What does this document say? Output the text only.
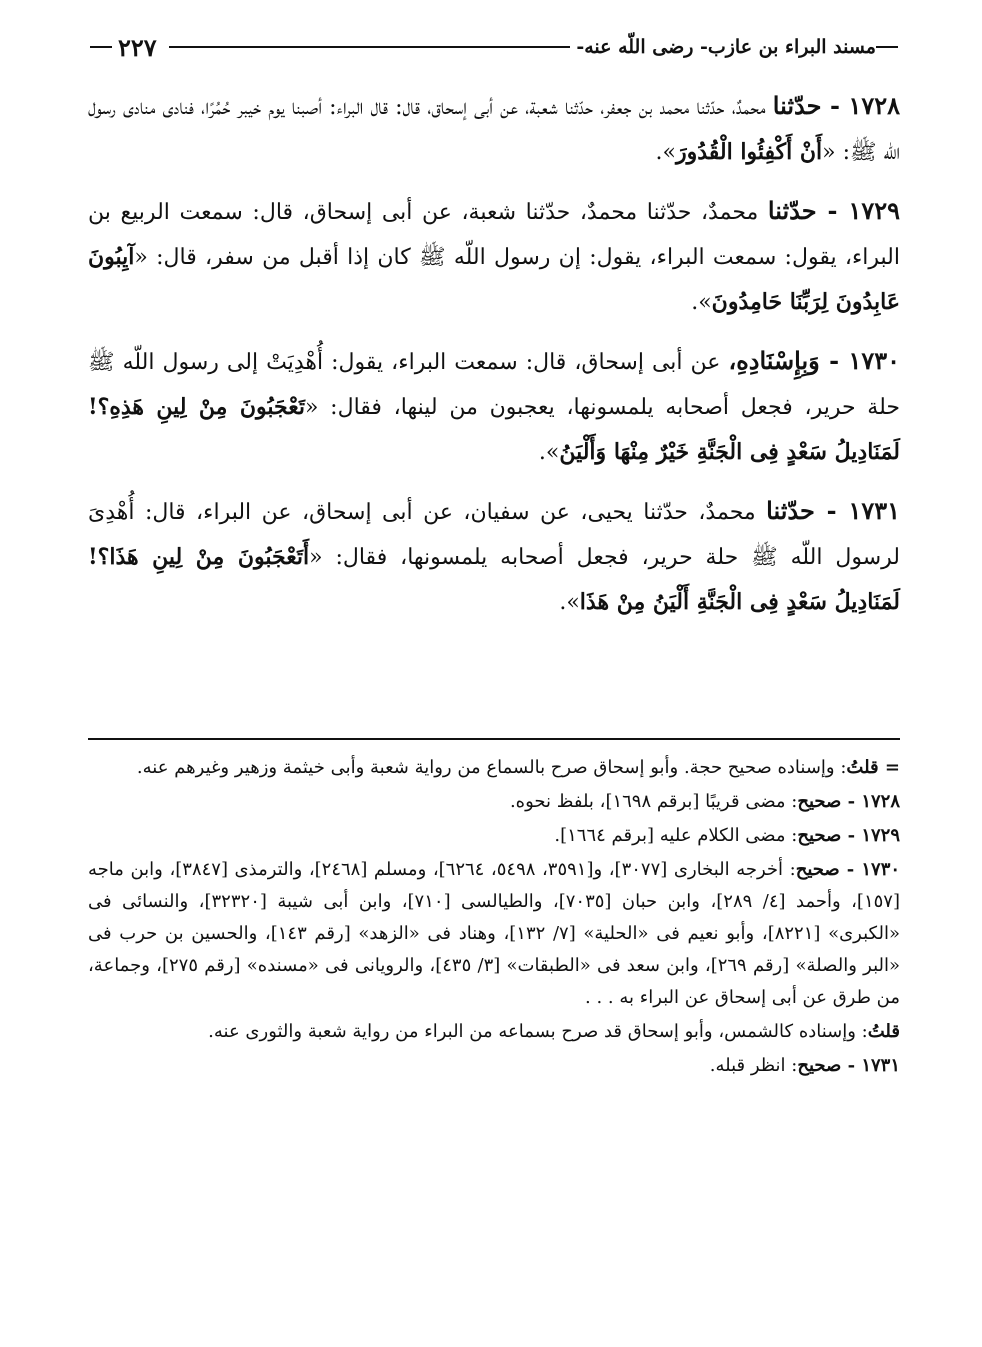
٢٢٧	مسند البراء بن عازب- رضى اللّه عنه-

١٧٢٨ - حدّثنا محمدٌ، حدّثنا محمد بن جعفر، حدّثنا شعبة، عن أبى إسحاق، قال: قال البراء: أصبنا يوم خيبر حُمُرًا، فنادى منادى رسول اللّه ﷺ: «أَنْ أَكْفِئُوا الْقُدُورَ».

١٧٢٩ - حدّثنا محمدٌ، حدّثنا محمدٌ، حدّثنا شعبة، عن أبى إسحاق، قال: سمعت الربيع بن البراء، يقول: سمعت البراء، يقول: إن رسول اللّه ﷺ كان إذا أقبل من سفر، قال: «آيِبُونَ عَابِدُونَ لِرَبِّنَا حَامِدُونَ».

١٧٣٠ - وَبِإِسْنَادِهِ، عن أبى إسحاق، قال: سمعت البراء، يقول: أُهْدِيَتْ إلى رسول اللّه ﷺ حلة حرير، فجعل أصحابه يلمسونها، يعجبون من لينها، فقال: «تَعْجَبُونَ مِنْ لِينِ هَذِهِ؟! لَمَنَادِيلُ سَعْدٍ فِى الْجَنَّةِ خَيْرٌ مِنْهَا وَأَلْيَنُ».

١٧٣١ - حدّثنا محمدٌ، حدّثنا يحيى، عن سفيان، عن أبى إسحاق، عن البراء، قال: أُهْدِىَ لرسول اللّه ﷺ حلة حرير، فجعل أصحابه يلمسونها، فقال: «أَتَعْجَبُونَ مِنْ لِينِ هَذَا؟! لَمَنَادِيلُ سَعْدٍ فِى الْجَنَّةِ أَلْيَنُ مِنْ هَذَا».

= قلتُ: وإسناده صحيح حجة. وأبو إسحاق صرح بالسماع من رواية شعبة وأبى خيثمة وزهير وغيرهم عنه.

١٧٢٨ - صحيح: مضى قريبًا [برقم ١٦٩٨]، بلفظ نحوه.

١٧٢٩ - صحيح: مضى الكلام عليه [برقم ١٦٦٤].

١٧٣٠ - صحيح: أخرجه البخارى [٣٠٧٧]، و[٣٥٩١، ٥٤٩٨، ٦٢٦٤]، ومسلم [٢٤٦٨]، والترمذى [٣٨٤٧]، وابن ماجه [١٥٧]، وأحمد [٤/ ٢٨٩]، وابن حبان [٧٠٣٥]، والطيالسى [٧١٠]، وابن أبى شيبة [٣٢٣٢٠]، والنسائى فى «الكبرى» [٨٢٢١]، وأبو نعيم فى «الحلية» [٧/ ١٣٢]، وهناد فى «الزهد» [رقم ١٤٣]، والحسين بن حرب فى «البر والصلة» [رقم ٢٦٩]، وابن سعد فى «الطبقات» [٣/ ٤٣٥]، والرويانى فى «مسنده» [رقم ٢٧٥]، وجماعة، من طرق عن أبى إسحاق عن البراء به . . .

قلتُ: وإسناده كالشمس، وأبو إسحاق قد صرح بسماعه من البراء من رواية شعبة والثورى عنه.

١٧٣١ - صحيح: انظر قبله.
